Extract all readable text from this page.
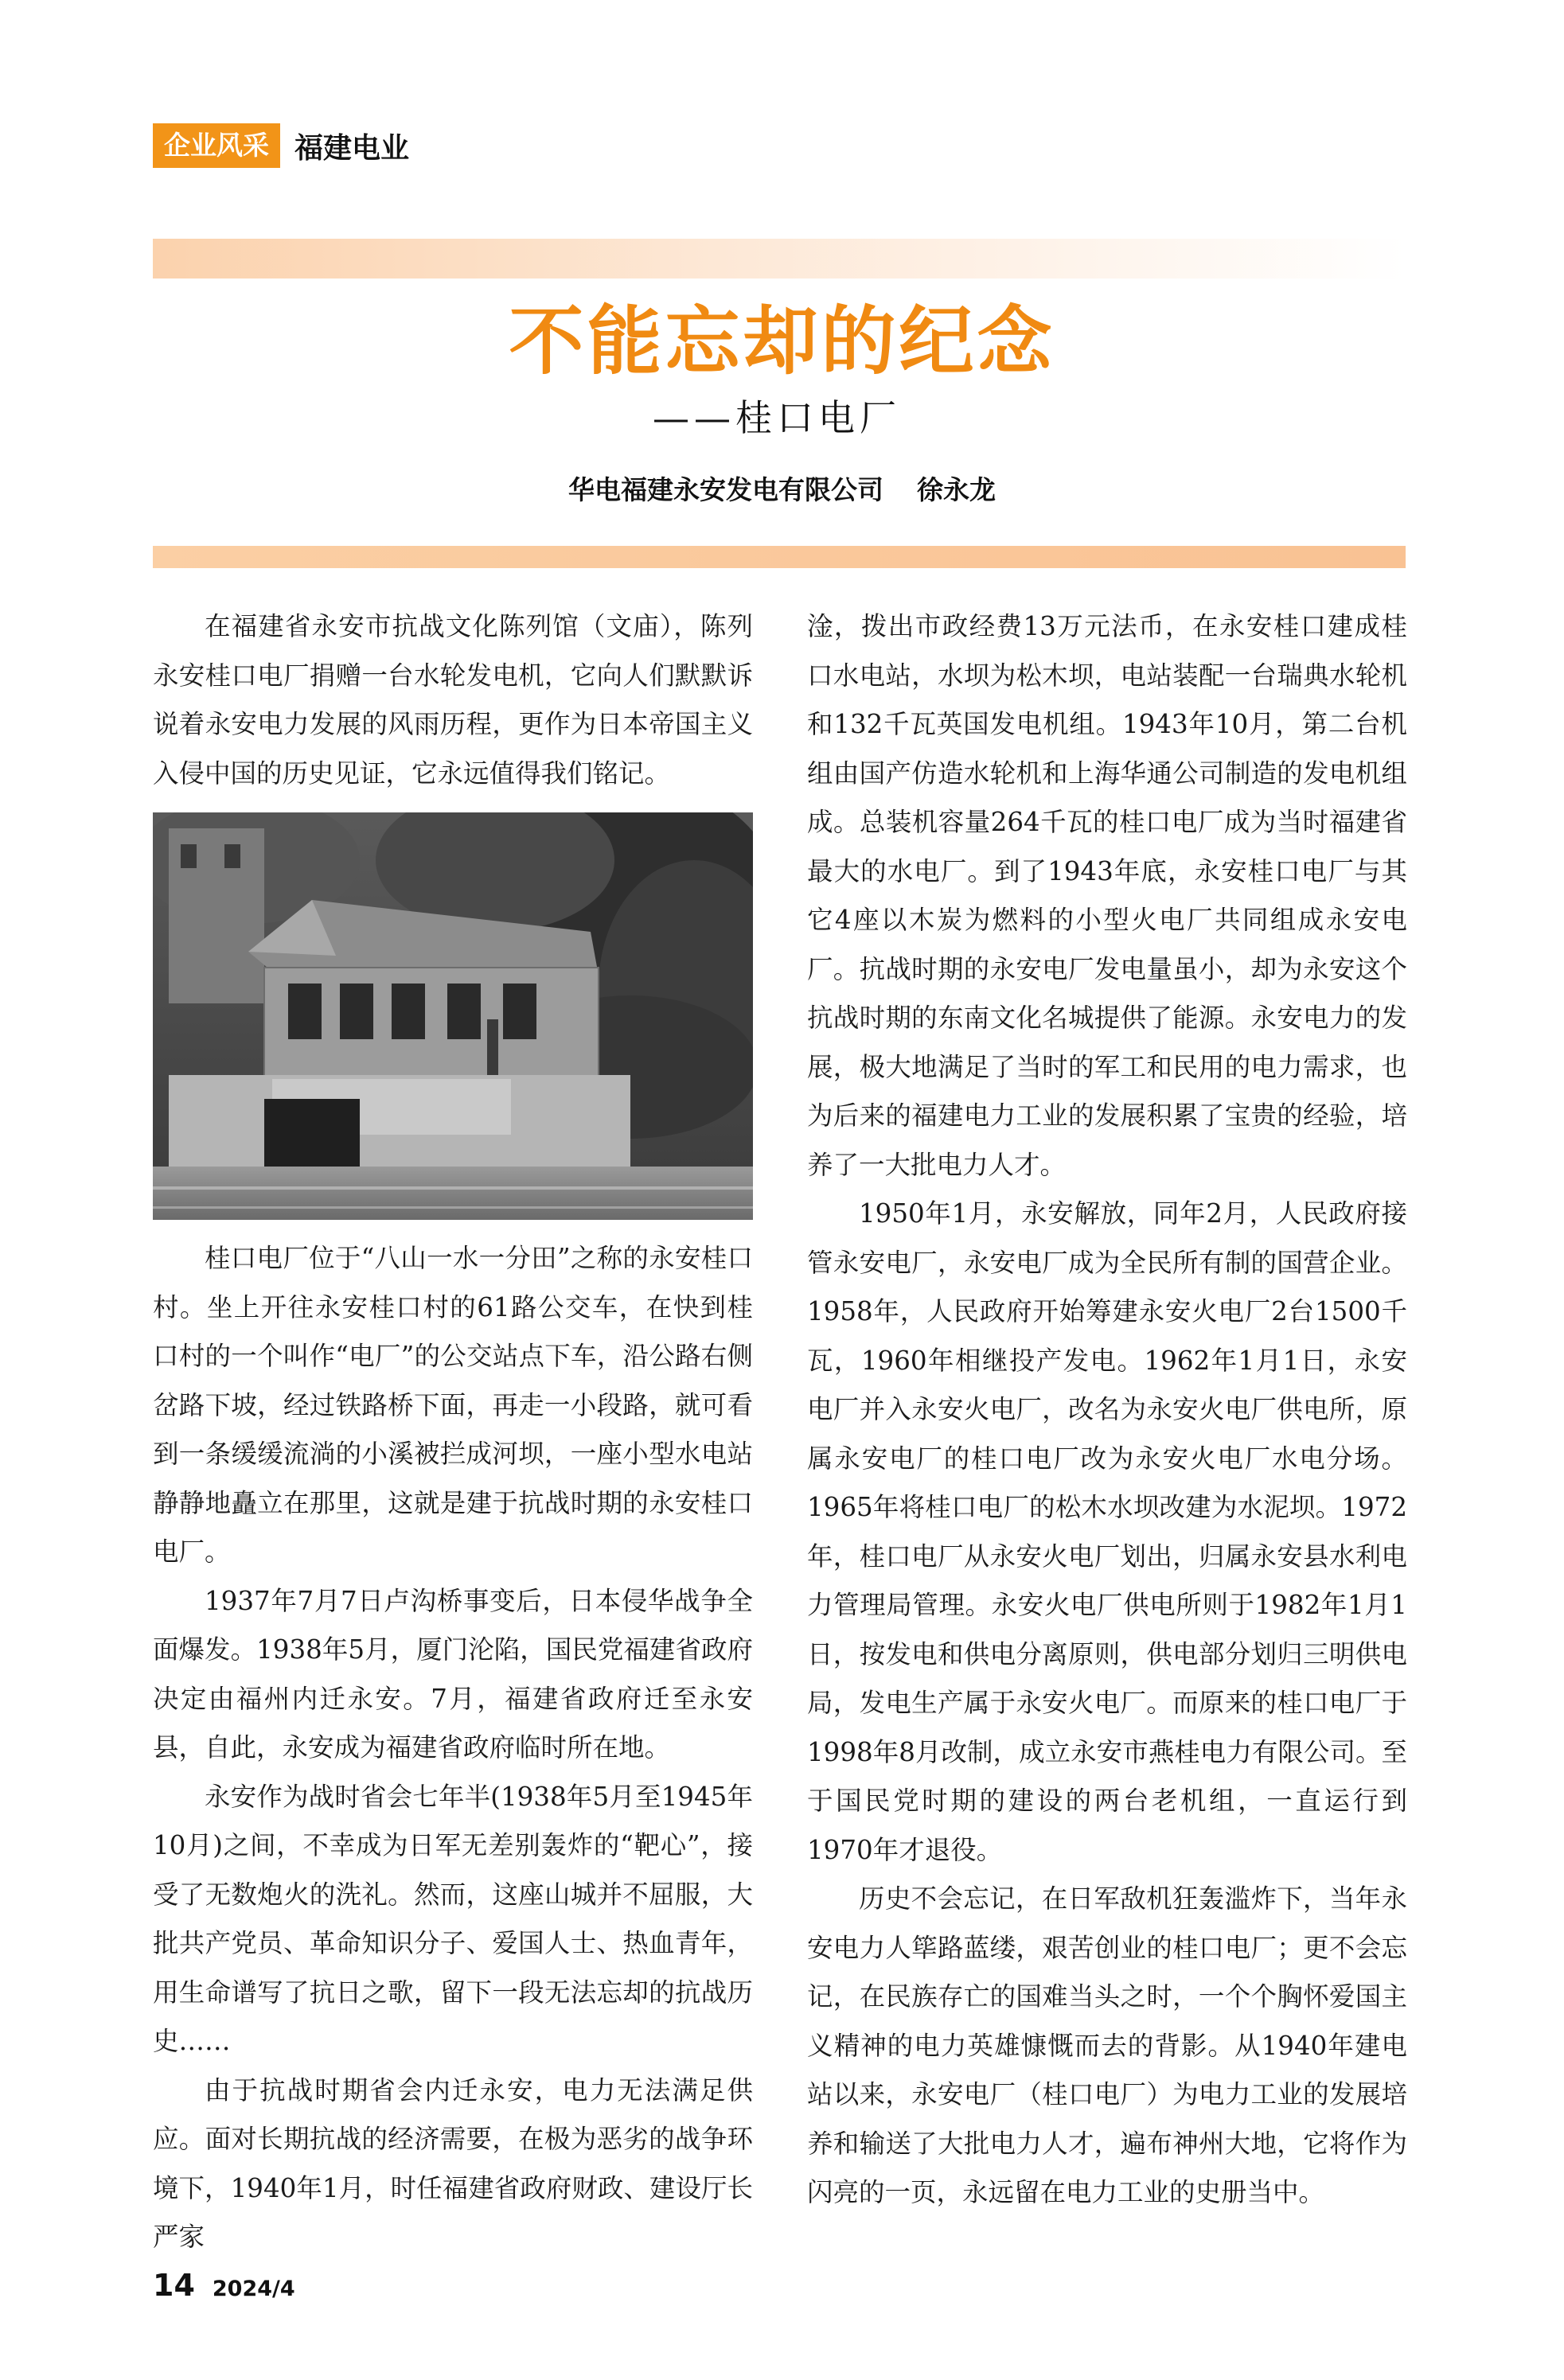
企业风采 福建电业
不能忘却的纪念
——桂口电厂
华电福建永安发电有限公司 徐永龙

在福建省永安市抗战文化陈列馆（文庙），陈列永安桂口电厂捐赠一台水轮发电机，它向人们默默诉说着永安电力发展的风雨历程，更作为日本帝国主义入侵中国的历史见证，它永远值得我们铭记。

桂口电厂位于“八山一水一分田”之称的永安桂口村。坐上开往永安桂口村的61路公交车，在快到桂口村的一个叫作“电厂”的公交站点下车，沿公路右侧岔路下坡，经过铁路桥下面，再走一小段路，就可看到一条缓缓流淌的小溪被拦成河坝，一座小型水电站静静地矗立在那里，这就是建于抗战时期的永安桂口电厂。

1937年7月7日卢沟桥事变后，日本侵华战争全面爆发。1938年5月，厦门沦陷，国民党福建省政府决定由福州内迁永安。7月，福建省政府迁至永安县，自此，永安成为福建省政府临时所在地。

永安作为战时省会七年半(1938年5月至1945年10月)之间，不幸成为日军无差别轰炸的“靶心”，接受了无数炮火的洗礼。然而，这座山城并不屈服，大批共产党员、革命知识分子、爱国人士、热血青年，用生命谱写了抗日之歌，留下一段无法忘却的抗战历史……

由于抗战时期省会内迁永安，电力无法满足供应。面对长期抗战的经济需要，在极为恶劣的战争环境下，1940年1月，时任福建省政府财政、建设厅长严家

淦，拨出市政经费13万元法币，在永安桂口建成桂口水电站，水坝为松木坝，电站装配一台瑞典水轮机和132千瓦英国发电机组。1943年10月，第二台机组由国产仿造水轮机和上海华通公司制造的发电机组成。总装机容量264千瓦的桂口电厂成为当时福建省最大的水电厂。到了1943年底，永安桂口电厂与其它4座以木炭为燃料的小型火电厂共同组成永安电厂。抗战时期的永安电厂发电量虽小，却为永安这个抗战时期的东南文化名城提供了能源。永安电力的发展，极大地满足了当时的军工和民用的电力需求，也为后来的福建电力工业的发展积累了宝贵的经验，培养了一大批电力人才。

1950年1月，永安解放，同年2月，人民政府接管永安电厂，永安电厂成为全民所有制的国营企业。1958年，人民政府开始筹建永安火电厂2台1500千瓦，1960年相继投产发电。1962年1月1日，永安电厂并入永安火电厂，改名为永安火电厂供电所，原属永安电厂的桂口电厂改为永安火电厂水电分场。1965年将桂口电厂的松木水坝改建为水泥坝。1972年，桂口电厂从永安火电厂划出，归属永安县水利电力管理局管理。永安火电厂供电所则于1982年1月1日，按发电和供电分离原则，供电部分划归三明供电局，发电生产属于永安火电厂。而原来的桂口电厂于1998年8月改制，成立永安市燕桂电力有限公司。至于国民党时期的建设的两台老机组，一直运行到1970年才退役。

历史不会忘记，在日军敌机狂轰滥炸下，当年永安电力人筚路蓝缕，艰苦创业的桂口电厂；更不会忘记，在民族存亡的国难当头之时，一个个胸怀爱国主义精神的电力英雄慷慨而去的背影。从1940年建电站以来，永安电厂（桂口电厂）为电力工业的发展培养和输送了大批电力人才，遍布神州大地，它将作为闪亮的一页，永远留在电力工业的史册当中。

14 2024/4
